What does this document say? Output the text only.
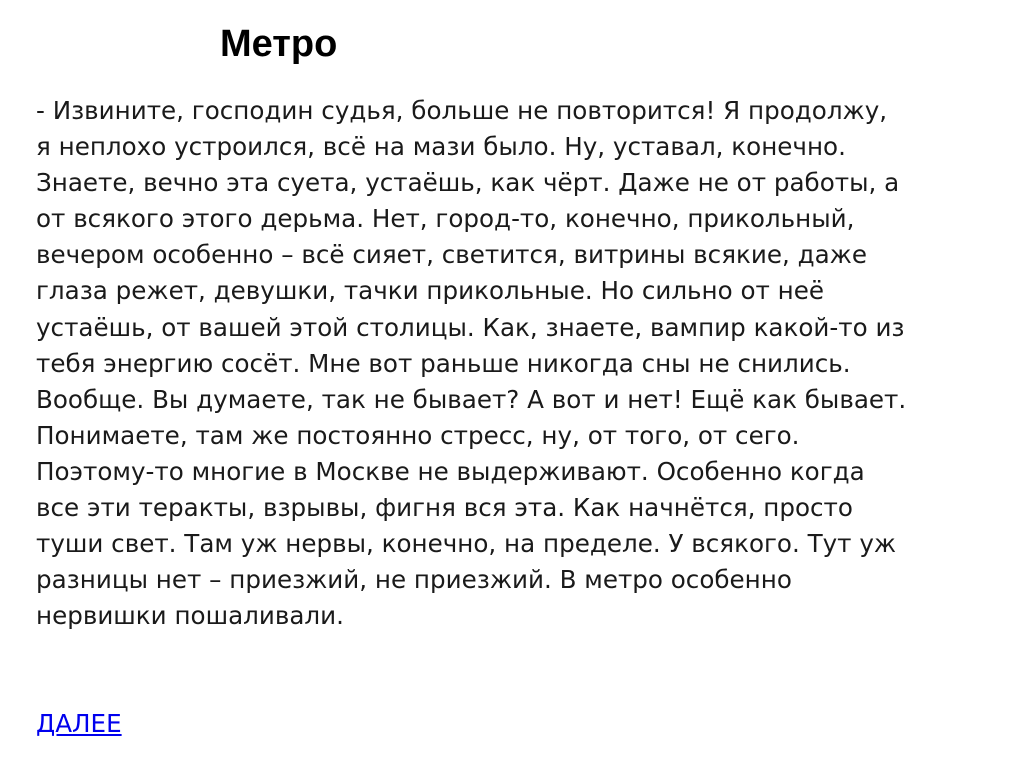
Метро
- Извините, господин судья, больше не повторится! Я продолжу,
я неплохо устроился, всё на мази было. Ну, уставал, конечно.
Знаете, вечно эта суета, устаёшь, как чёрт. Даже не от работы, а
от всякого этого дерьма. Нет, город-то, конечно, прикольный,
вечером особенно – всё сияет, светится, витрины всякие, даже
глаза режет, девушки, тачки прикольные. Но сильно от неё
устаёшь, от вашей этой столицы. Как, знаете, вампир какой-то из
тебя энергию сосёт. Мне вот раньше никогда сны не снились.
Вообще. Вы думаете, так не бывает? А вот и нет! Ещё как бывает.
Понимаете, там же постоянно стресс, ну, от того, от сего.
Поэтому-то многие в Москве не выдерживают. Особенно когда
все эти теракты, взрывы, фигня вся эта. Как начнётся, просто
туши свет. Там уж нервы, конечно, на пределе. У всякого. Тут уж
разницы нет – приезжий, не приезжий. В метро особенно
нервишки пошаливали.
ДАЛЕЕ
